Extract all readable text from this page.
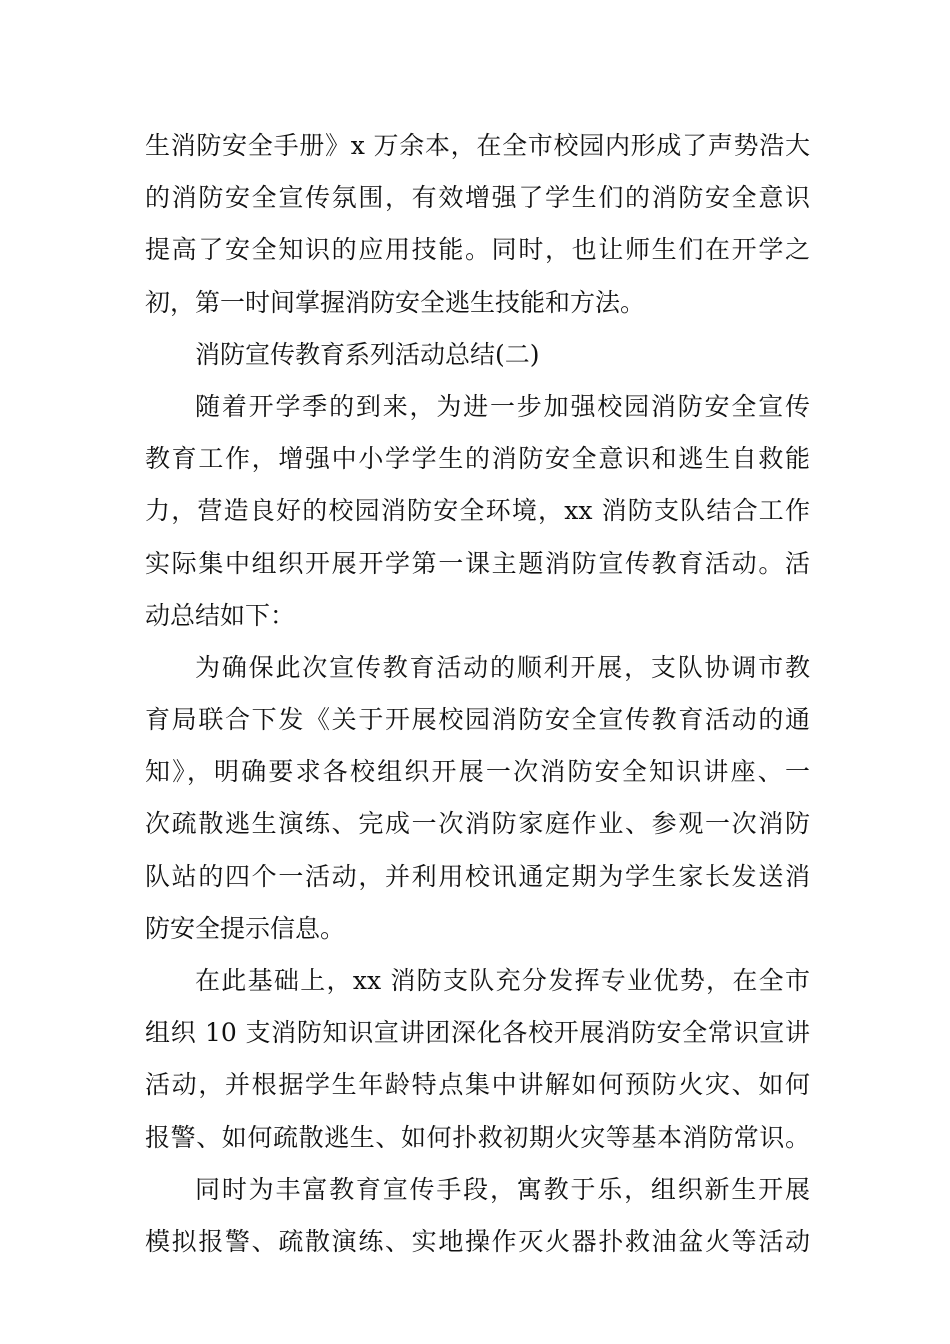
生消防安全手册》x 万余本，在全市校园内形成了声势浩大
的消防安全宣传氛围，有效增强了学生们的消防安全意识
提高了安全知识的应用技能。同时，也让师生们在开学之
初，第一时间掌握消防安全逃生技能和方法。
消防宣传教育系列活动总结(二)
随着开学季的到来，为进一步加强校园消防安全宣传
教育工作，增强中小学学生的消防安全意识和逃生自救能
力，营造良好的校园消防安全环境，xx 消防支队结合工作
实际集中组织开展开学第一课主题消防宣传教育活动。活
动总结如下：
为确保此次宣传教育活动的顺利开展，支队协调市教
育局联合下发《关于开展校园消防安全宣传教育活动的通
知》，明确要求各校组织开展一次消防安全知识讲座、一
次疏散逃生演练、完成一次消防家庭作业、参观一次消防
队站的四个一活动，并利用校讯通定期为学生家长发送消
防安全提示信息。
在此基础上，xx 消防支队充分发挥专业优势，在全市
组织 10 支消防知识宣讲团深化各校开展消防安全常识宣讲
活动，并根据学生年龄特点集中讲解如何预防火灾、如何
报警、如何疏散逃生、如何扑救初期火灾等基本消防常识。
同时为丰富教育宣传手段，寓教于乐，组织新生开展
模拟报警、疏散演练、实地操作灭火器扑救油盆火等活动
